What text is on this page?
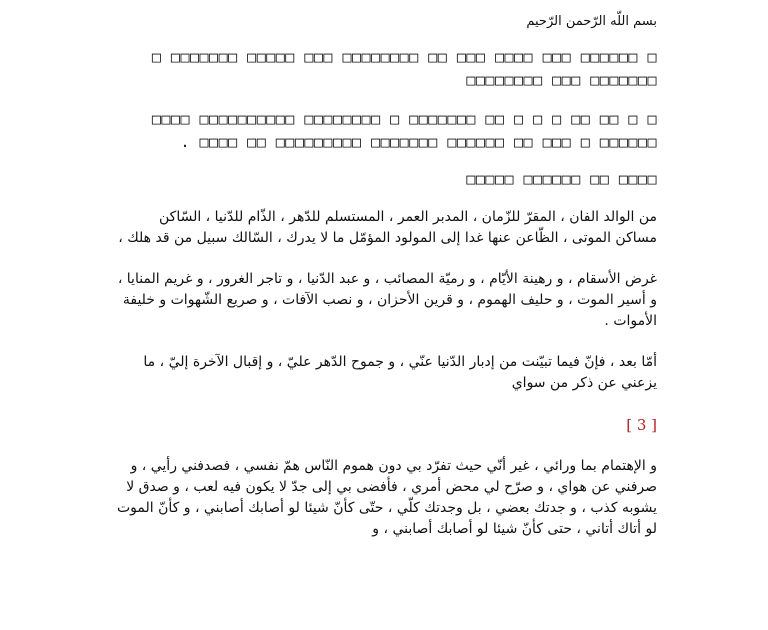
بسم اللّه الرّحمن الرّحيم

□ □□□□□□ □□□ □□□□ □□□ □□ □□□□□□□□ □□□ □□□□□ □□□□□□□ □ □□□□□□□ □□□ □□□□□□□□

□ □ □□ □□ □ □ □ □□ □□□□□□□ □ □□□□□□□□ □□□□□□□□□□ □□□□ □□□□□□ □ □□□ □□ □□□□□□ □□□□□□□ □□□□□□□□□ □□ □□□□ .

□□□□ □□ □□□□□□ □□□□□

من الوالد الفان ، المقرّ للزّمان ، المدبر العمر ، المستسلم للدّهر ، الذّام للدّنيا ، السّاكن مساكن الموتى ، الظّاعن عنها غدا إلى المولود المؤمّل ما لا يدرك ، السّالك سبيل من قد هلك ،

غرض الأسقام ، و رهينة الأيّام ، و رميّة المصائب ، و عبد الدّنيا ، و تاجر الغرور ، و غريم المنايا ، و أسير الموت ، و حليف الهموم ، و قرين الأحزان ، و نصب الآفات ، و صريع الشّهوات و خليفة الأموات .

أمّا بعد ، فإنّ فيما تبيّنت من إدبار الدّنيا عنّي ، و جموح الدّهر عليّ ، و إقبال الآخرة إليّ ، ما يزعني عن ذكر من سواي

[ 3 ]

و الإهتمام بما ورائي ، غير أنّي حيث تفرّد بي دون هموم النّاس همّ نفسي ، فصدفني رأيي ، و صرفني عن هواي ، و صرّح لي محض أمري ، فأفضى بي إلى جدّ لا يكون فيه لعب ، و صدق لا يشوبه كذب ، و جدتك بعضي ، بل وجدتك كلّي ، حتّى كأنّ شيئا لو أصابك أصابني ، و كأنّ الموت لو أتاك أتاني ، حتى كأنّ شيئا لو أصابك أصابني ، و
